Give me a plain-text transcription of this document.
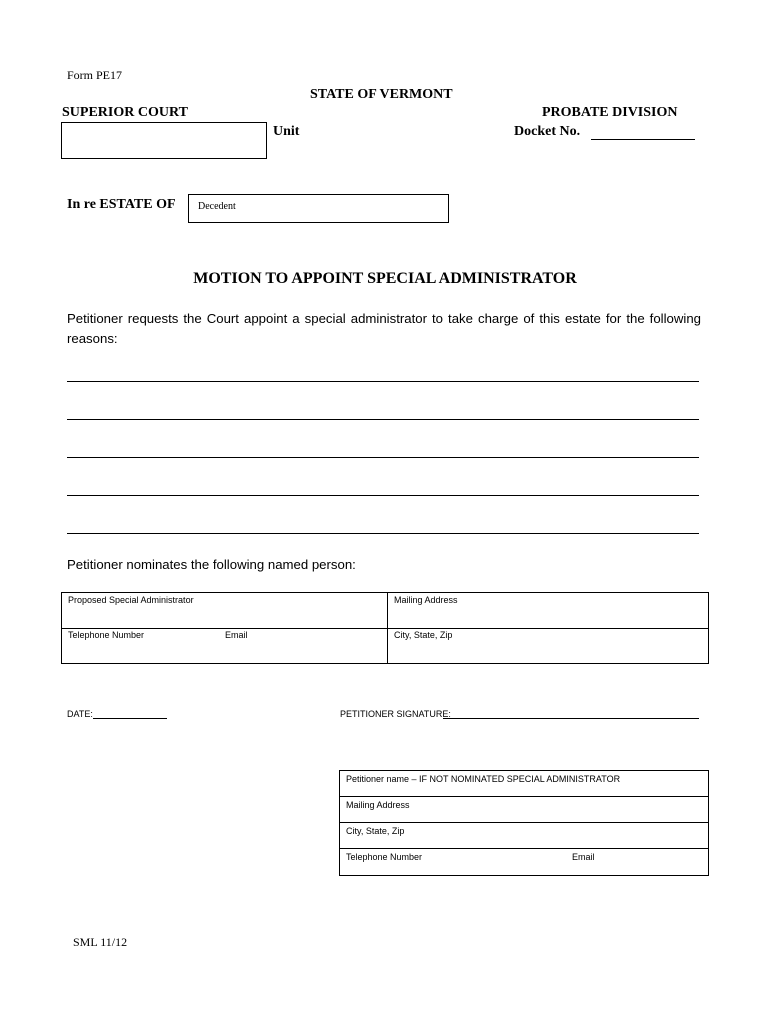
Form PE17
STATE OF VERMONT
SUPERIOR COURT	PROBATE DIVISION
Unit	Docket No.
In re ESTATE OF Decedent
MOTION TO APPOINT SPECIAL ADMINISTRATOR
Petitioner requests the Court appoint a special administrator to take charge of this estate for the following reasons:
Petitioner nominates the following named person:
Proposed Special Administrator	Mailing Address
Telephone Number	Email	City, State, Zip
DATE:	PETITIONER SIGNATURE:
Petitioner name – IF NOT NOMINATED SPECIAL ADMINISTRATOR
Mailing Address
City, State, Zip
Telephone Number	Email
SML 11/12
